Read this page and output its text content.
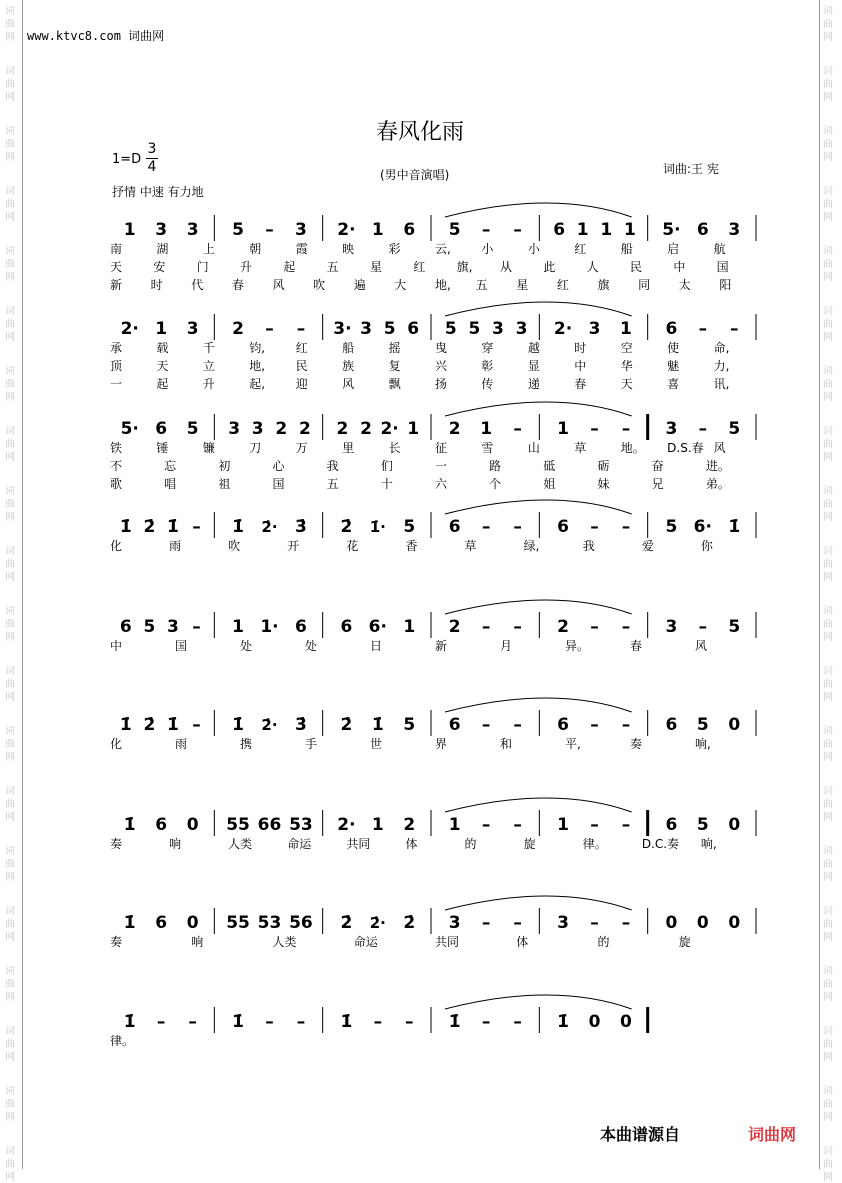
词
曲
网
词
曲
网
词
曲
网
词
曲
网
词
曲
网
词
曲
网
词
曲
网
词
曲
网
词
曲
网
词
曲
网
词
曲
网
词
曲
网
词
曲
网
词
曲
网
词
曲
网
词
曲
网
词
曲
网
词
曲
网
词
曲
网
词
曲
网
词
曲
网
词
曲
网
词
曲
网
词
曲
网
词
曲
网
词
曲
网
词
曲
网
词
曲
网
词
曲
网
词
曲
网
词
曲
网
词
曲
网
词
曲
网
词
曲
网
词
曲
网
词
曲
网
词
曲
网
词
曲
网
词
曲
网
词
曲
网
www.ktvc8.com 词曲网
春风化雨
1=D
3
4
抒情 中速 有力地
(男中音演唱)	词曲:王 宪
1 3 3 5 – 3 2· 1 6 5 – – 6 1 1 1 5· 6 3
南	湖	上	朝	霞	映	彩	云,	小	小	红	船	启	航
天	安	门	升	起	五	星	红	旗, 从	此	人	民	中	国
新 时 代 春 风 吹 遍 大 地, 五 星 红 旗 同 太 阳
2· 1 3 2 – – 3· 3 5 6 5 5 3 3 2· 3 1 6 – –
承	载	千	钧,	红	船	摇	曳	穿	越	时	空	使	命,
顶	天	立	地,	民	族	复	兴	彰	显	中	华	魅	力,
一	起	升	起,	迎	风	飘	扬	传	递	春	天	喜	讯,
5· 6 5 3 3 2 2 2 2 2· 1 2 1 – 1 – – 3 – 5
铁	锤	镰	刀	万	里	长	征	雪	山	草	地。 D.S.春 风
不	忘	初	心	我	们	一	路	砥	砺	奋	进。
歌	唱	祖	国	五	十	六	个	姐	妹	兄	弟。
1̇ 2̇ 1̇ – 1̇ 2̇· 3̇ 2̇ 1̇· 5 6 – – 6 – – 5 6· 1̇
化	雨	吹	开	花	香	草	绿,	我	爱	你
6 5 3 – 1 1· 6 6 6· 1 2 – – 2 – – 3 – 5
中	国	处	处	日	新	月	异。	春	风
1̇ 2̇ 1̇ – 1̇ 2̇· 3̇ 2̇ 1̇ 5 6 – – 6 – – 6 5 0
化	雨	携	手	世	界	和	平,	奏	响,
1̇ 6 0 55 66 53 2· 1 2 1 – – 1 – – 6 5 0
奏	响	人类	命运	共同	体	的	旋	律。	D.C.奏 响,
1̇ 6 0 55 53 56 2̇ 2̇· 2̇ 3 – – 3 – – 0 0 0
奏	响	人类	命运	共同	体	的	旋
1̇ – – 1̇ – – 1̇ – – 1̇ – – 1̇ 0 0
律。
本曲谱源自	词曲网
